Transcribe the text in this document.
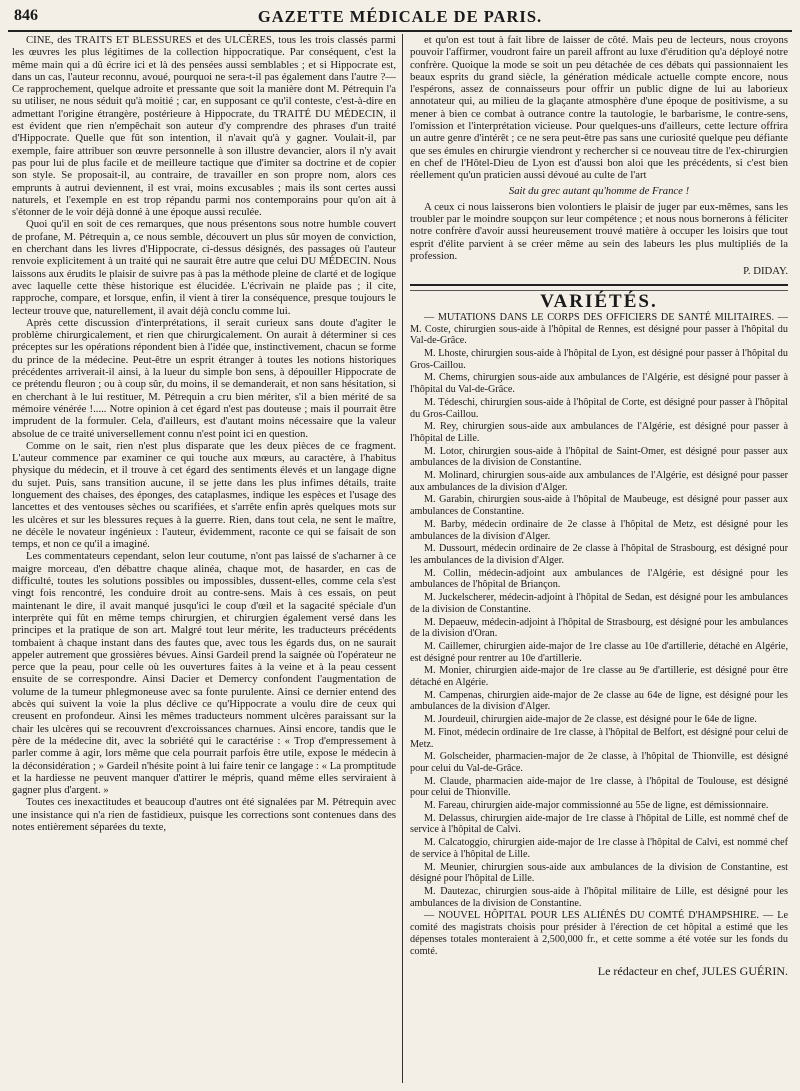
846	GAZETTE MÉDICALE DE PARIS.

CINE, des TRAITS ET BLESSURES et des ULCÈRES, tous les trois classés parmi les œuvres les plus légitimes de la collection hippocratique. Par conséquent, c'est la même main qui a dû écrire ici et là des pensées aussi semblables ; et si Hippocrate est, dans un cas, l'auteur reconnu, avoué, pourquoi ne sera-t-il pas également dans l'autre ?—Ce rapprochement, quelque adroite et pressante que soit la manière dont M. Pétrequin l'a su utiliser, ne nous séduit qu'à moitié ; car, en supposant ce qu'il conteste, c'est-à-dire en admettant l'origine étrangère, postérieure à Hippocrate, du TRAITÉ DU MÉDECIN, il est évident que rien n'empêchait son auteur d'y comprendre des phrases d'un traité d'Hippocrate. Quelle que fût son intention, il n'avait qu'à y gagner. Voulait-il, par exemple, faire attribuer son œuvre personnelle à son illustre devancier, alors il n'y avait pas pour lui de plus facile et de meilleure tactique que d'imiter sa doctrine et de copier son style. Se proposait-il, au contraire, de travailler en son propre nom, alors ces emprunts à autrui deviennent, il est vrai, moins excusables ; mais ils sont certes aussi naturels, et l'exemple en est trop répandu parmi nos contemporains pour qu'on ait à s'étonner de le voir déjà donné à une époque aussi reculée.

Quoi qu'il en soit de ces remarques, que nous présentons sous notre humble couvert de profane, M. Pétrequin a, ce nous semble, découvert un plus sûr moyen de conviction, en cherchant dans les livres d'Hippocrate, ci-dessus désignés, des passages où l'auteur renvoie explicitement à un traité qui ne saurait être autre que celui DU MÉDECIN. Nous laissons aux érudits le plaisir de suivre pas à pas la méthode pleine de clarté et de logique avec laquelle cette thèse historique est élucidée. L'écrivain ne plaide pas ; il cite, rapproche, compare, et lorsque, enfin, il vient à tirer la conséquence, presque toujours le lecteur trouve que, naturellement, il avait déjà conclu comme lui.

Après cette discussion d'interprétations, il serait curieux sans doute d'agiter le problème chirurgicalement, et rien que chirurgicalement. On aurait à déterminer si ces préceptes sur les opérations répondent bien à l'idée que, instinctivement, chacun se forme du prince de la médecine. Peut-être un esprit étranger à toutes les notions historiques précédentes arriverait-il ainsi, à la lueur du simple bon sens, à dépouiller Hippocrate de ce prétendu fleuron ; ou à coup sûr, du moins, il se demanderait, et non sans hésitation, si en cherchant à le lui restituer, M. Pétrequin a cru bien mériter, s'il a bien mérité de sa mémoire vénérée !..... Notre opinion à cet égard n'est pas douteuse ; mais il pourrait être imprudent de la formuler. Cela, d'ailleurs, est d'autant moins nécessaire que la valeur absolue de ce traité universellement connu n'est point ici en question.

Comme on le sait, rien n'est plus disparate que les deux pièces de ce fragment. L'auteur commence par examiner ce qui touche aux mœurs, au caractère, à l'habitus physique du médecin, et il trouve à cet égard des sentiments élevés et un langage digne du sujet. Puis, sans transition aucune, il se jette dans les plus infimes détails, traite longuement des chaises, des éponges, des cataplasmes, indique les espèces et l'usage des lancettes et des ventouses sèches ou scarifiées, et s'arrête enfin après quelques mots sur les ulcères et sur les blessures reçues à la guerre. Rien, dans tout cela, ne sent le maître, ne décèle le novateur ingénieux : l'auteur, évidemment, raconte ce qui se faisait de son temps, et non ce qu'il a imaginé.

Les commentateurs cependant, selon leur coutume, n'ont pas laissé de s'acharner à ce maigre morceau, d'en débattre chaque alinéa, chaque mot, de hasarder, en cas de difficulté, toutes les solutions possibles ou impossibles, dussent-elles, comme cela s'est vingt fois rencontré, les conduire droit au contre-sens. Mais à ces essais, on peut maintenant le dire, il avait manqué jusqu'ici le coup d'œil et la sagacité spéciale d'un interprète qui fût en même temps chirurgien, et chirurgien également versé dans les principes et la pratique de son art. Malgré tout leur mérite, les traducteurs précédents tombaient à chaque instant dans des fautes que, avec tous les égards dus, on ne saurait appeler autrement que grossières bévues. Ainsi Gardeil prend la saignée où l'opérateur ne perce que la peau, pour celle où les ouvertures faites à la veine et à la peau cessent ensuite de se correspondre. Ainsi Dacier et Demercy confondent l'augmentation de volume de la tumeur phlegmoneuse avec sa fonte purulente. Ainsi ce dernier entend des abcès qui suivent la voie la plus déclive ce qu'Hippocrate a voulu dire de ceux qui creusent en profondeur. Ainsi les mêmes traducteurs nomment ulcères paraissant sur la chair les ulcères qui se recouvrent d'excroissances charnues. Ainsi encore, tandis que le père de la médecine dit, avec la sobriété qui le caractérise : « Trop d'empressement à parler comme à agir, lors même que cela pourrait parfois être utile, expose le médecin à la déconsidération ; » Gardeil n'hésite point à lui faire tenir ce langage : « La promptitude et la hardiesse ne peuvent manquer d'attirer le mépris, quand même elles serviraient à gagner plus d'argent. »

Toutes ces inexactitudes et beaucoup d'autres ont été signalées par M. Pétrequin avec une insistance qui n'a rien de fastidieux, puisque les corrections sont contenues dans des notes entièrement séparées du texte,

et qu'on est tout à fait libre de laisser de côté. Mais peu de lecteurs, nous croyons pouvoir l'affirmer, voudront faire un pareil affront au luxe d'érudition qu'a déployé notre confrère. Quoique la mode se soit un peu détachée de ces débats qui passionnaient les beaux esprits du grand siècle, la génération médicale actuelle compte encore, nous l'espérons, assez de connaisseurs pour offrir un public digne de lui au laborieux annotateur qui, au milieu de la glaçante atmosphère d'une époque de positivisme, a su mener à bien ce combat à outrance contre la tautologie, le barbarisme, le contre-sens, l'omission et l'interprétation vicieuse. Pour quelques-uns d'ailleurs, cette lecture offrira un autre genre d'intérêt ; ce ne sera peut-être pas sans une curiosité quelque peu défiante que ses émules en chirurgie viendront y rechercher si ce nouveau titre de l'ex-chirurgien en chef de l'Hôtel-Dieu de Lyon est d'aussi bon aloi que les précédents, si c'est bien réellement qu'un praticien aussi dévoué au culte de l'art

Sait du grec autant qu'homme de France !

A ceux ci nous laisserons bien volontiers le plaisir de juger par eux-mêmes, sans les troubler par le moindre soupçon sur leur compétence ; et nous nous bornerons à féliciter notre confrère d'avoir aussi heureusement trouvé matière à occuper les loisirs que tout esprit d'élite parvient à se créer même au sein des labeurs les plus multipliés de la profession.

P. DIDAY.

VARIÉTÉS.

— MUTATIONS DANS LE CORPS DES OFFICIERS DE SANTÉ MILITAIRES. — M. Coste, chirurgien sous-aide à l'hôpital de Rennes, est désigné pour passer à l'hôpital du Val-de-Grâce.

M. Lhoste, chirurgien sous-aide à l'hôpital de Lyon, est désigné pour passer à l'hôpital du Gros-Caillou.

M. Chems, chirurgien sous-aide aux ambulances de l'Algérie, est désigné pour passer à l'hôpital du Val-de-Grâce.

M. Tédeschi, chirurgien sous-aide à l'hôpital de Corte, est désigné pour passer à l'hôpital du Gros-Caillou.

M. Rey, chirurgien sous-aide aux ambulances de l'Algérie, est désigné pour passer à l'hôpital de Lille.

M. Lotor, chirurgien sous-aide à l'hôpital de Saint-Omer, est désigné pour passer aux ambulances de la division de Constantine.

M. Molinard, chirurgien sous-aide aux ambulances de l'Algérie, est désigné pour passer aux ambulances de la division d'Alger.

M. Garabin, chirurgien sous-aide à l'hôpital de Maubeuge, est désigné pour passer aux ambulances de Constantine.

M. Barby, médecin ordinaire de 2e classe à l'hôpital de Metz, est désigné pour les ambulances de la division d'Alger.

M. Dussourt, médecin ordinaire de 2e classe à l'hôpital de Strasbourg, est désigné pour les ambulances de la division d'Alger.

M. Collin, médecin-adjoint aux ambulances de l'Algérie, est désigné pour les ambulances de l'hôpital de Briançon.

M. Juckelscherer, médecin-adjoint à l'hôpital de Sedan, est désigné pour les ambulances de la division de Constantine.

M. Depaeuw, médecin-adjoint à l'hôpital de Strasbourg, est désigné pour les ambulances de la division d'Oran.

M. Caillemer, chirurgien aide-major de 1re classe au 10e d'artillerie, détaché en Algérie, est désigné pour rentrer au 10e d'artillerie.

M. Monier, chirurgien aide-major de 1re classe au 9e d'artillerie, est désigné pour être détaché en Algérie.

M. Campenas, chirurgien aide-major de 2e classe au 64e de ligne, est désigné pour les ambulances de la division d'Alger.

M. Jourdeuil, chirurgien aide-major de 2e classe, est désigné pour le 64e de ligne.

M. Finot, médecin ordinaire de 1re classe, à l'hôpital de Belfort, est désigné pour celui de Metz.

M. Golscheider, pharmacien-major de 2e classe, à l'hôpital de Thionville, est désigné pour celui du Val-de-Grâce.

M. Claude, pharmacien aide-major de 1re classe, à l'hôpital de Toulouse, est désigné pour celui de Thionville.

M. Fareau, chirurgien aide-major commissionné au 55e de ligne, est démissionnaire.

M. Delassus, chirurgien aide-major de 1re classe à l'hôpital de Lille, est nommé chef de service à l'hôpital de Calvi.

M. Calcatoggio, chirurgien aide-major de 1re classe à l'hôpital de Calvi, est nommé chef de service à l'hôpital de Lille.

M. Meunier, chirurgien sous-aide aux ambulances de la division de Constantine, est désigné pour l'hôpital de Lille.

M. Dautezac, chirurgien sous-aide à l'hôpital militaire de Lille, est désigné pour les ambulances de la division de Constantine.

— NOUVEL HÔPITAL POUR LES ALIÉNÉS DU COMTÉ D'HAMPSHIRE. — Le comité des magistrats choisis pour présider à l'érection de cet hôpital a estimé que les dépenses totales monteraient à 2,500,000 fr., et cette somme a été votée sur les fonds du comté.

Le rédacteur en chef, JULES GUÉRIN.
